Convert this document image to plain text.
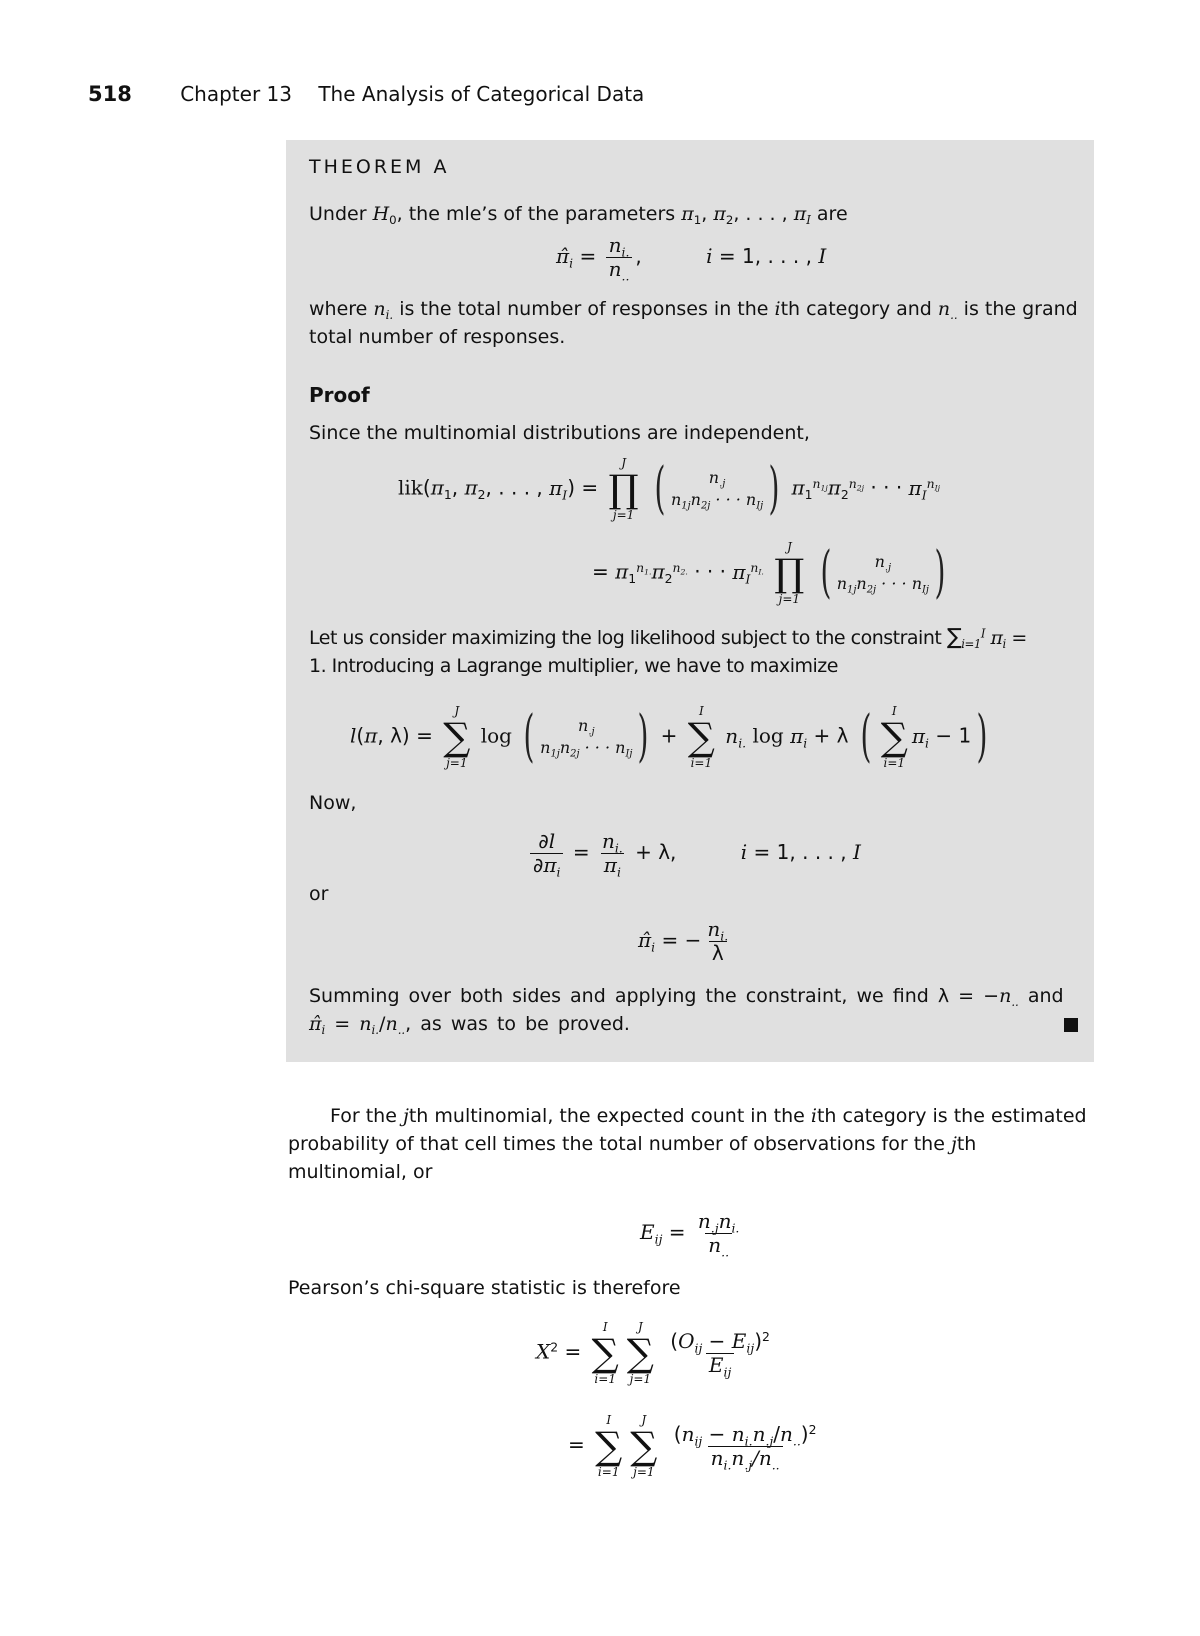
518 Chapter 13 The Analysis of Categorical Data
THEOREM A
Under $H_0$, the mle’s of the parameters $\pi_1$, $\pi_2$, . . . , $\pi_I$ are
$\pî_i = \frac{n_{i.}}{n_{..}}$ ,	i = 1, . . . , I
where $n_{i.}$ is the total number of responses in the ith category and $n_{..}$ is the grand total number of responses.
Proof
Since the multinomial distributions are independent,
$lik(\pi_1$, $\pi_2$, . . . , $\pi_I$) =
J
∏
j=1 (	$n_{.j}$
$n_{1j}n_{2j}$ · · · $n_{Ij}$ ) $\pi_1^{n_{1j}}\pi_2^{n_{2j}}$ · · · $\pi_I^{n_{Ij}}$
= $\pi_1^{n_{1.}}\pi_2^{n_{2.}}$ · · · $\pi_I^{n_{I.}}$
J
∏
j=1 (	$n_{.j}$
$n_{1j}n_{2j}$ · · · $n_{Ij}$ )
Let us consider maximizing the log likelihood subject to the constraint $\sum_{i=1}^I$ $\pi_i$ =
1. Introducing a Lagrange multiplier, we have to maximize
l(π, λ) =
J
∑
j=1
log (	$n_{.j}$
$n_{1j}n_{2j}$ · · · $n_{Ij}$ ) +
I
∑
i=1
$n_{i.}$ $\log \pi_i + \lambda$ ( I
∑
i=1
$\pi_i - 1$)
Now,
$\frac{\partial l}{\partial\pi_i} = \frac{n_{i.}}{\pi_i} + \lambda$,	i = 1, . . . , I
or
$\pî_i$ = − $\frac{n_{i.}}{\lambda}$
Summing over both sides and applying the constraint, we find $\lambda = -n_{..}$ and
$\pî_i = n_{i.}/n_{..}$, as was to be proved.
For the jth multinomial, the expected count in the ith category is the estimated probability of that cell times the total number of observations for the jth multinomial, or
$E_{ij} = \frac{n_{.j}n_{i.}}{n_{..}}$
Pearson’s chi-square statistic is therefore
$X^2$ =
I
∑
i=1
J
∑
j=1

$\frac{(O_{ij} - E_{ij})^2}{E_{ij}}$
=
I
∑
i=1
J
∑
j=1

$\frac{(n_{ij} - n_{i.}n_{.j}/n_{..})^2}{n_{i.}n_{.j}/n_{..}}$
